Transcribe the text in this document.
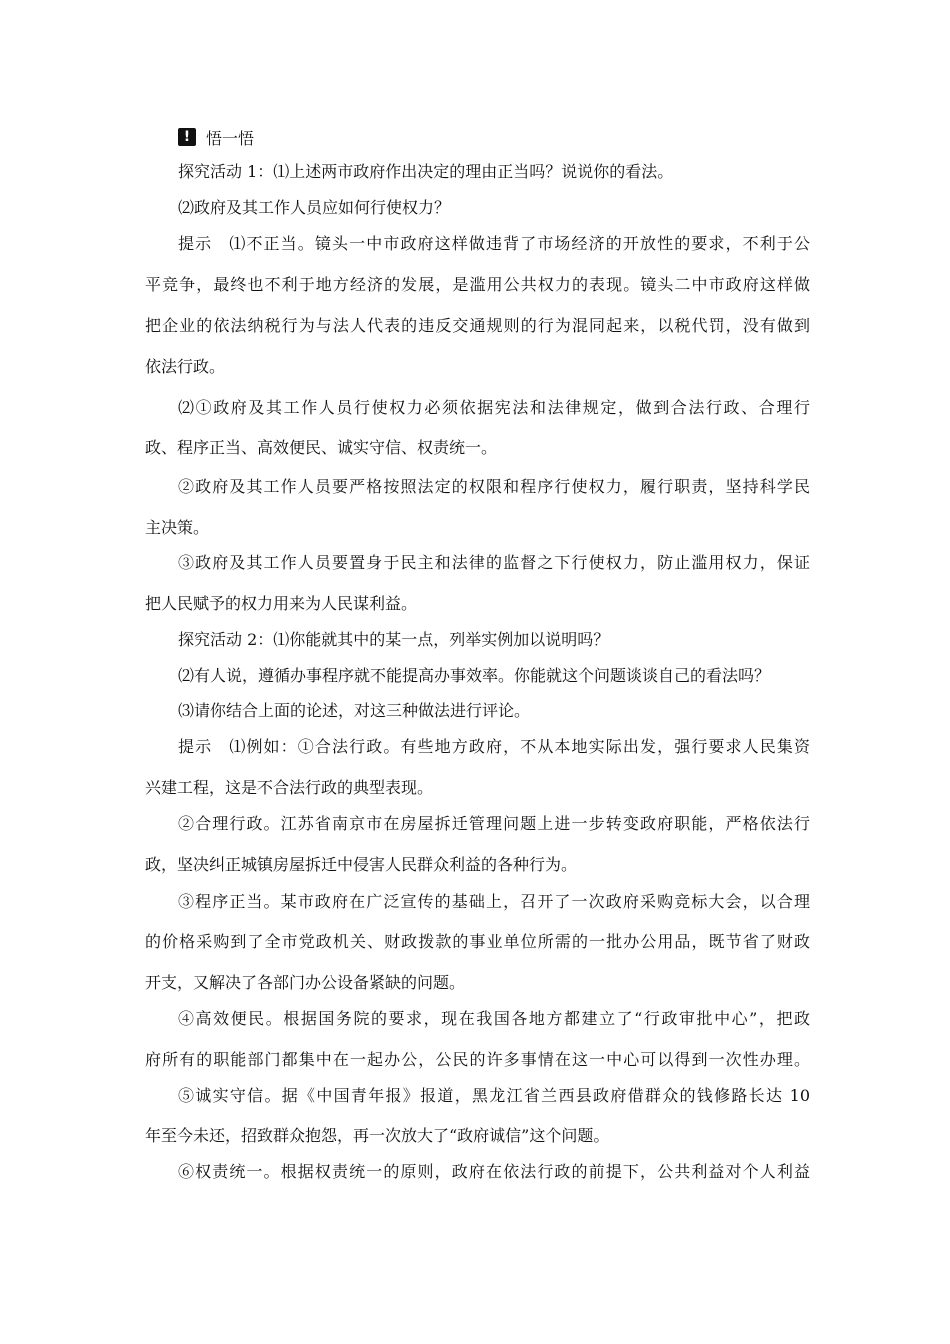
! 悟一悟
探究活动 1：⑴上述两市政府作出决定的理由正当吗？说说你的看法。
⑵政府及其工作人员应如何行使权力？
提示　⑴不正当。镜头一中市政府这样做违背了市场经济的开放性的要求，不利于公
平竞争，最终也不利于地方经济的发展，是滥用公共权力的表现。镜头二中市政府这样做
把企业的依法纳税行为与法人代表的违反交通规则的行为混同起来，以税代罚，没有做到
依法行政。
⑵①政府及其工作人员行使权力必须依据宪法和法律规定，做到合法行政、合理行
政、程序正当、高效便民、诚实守信、权责统一。
②政府及其工作人员要严格按照法定的权限和程序行使权力，履行职责，坚持科学民
主决策。
③政府及其工作人员要置身于民主和法律的监督之下行使权力，防止滥用权力，保证
把人民赋予的权力用来为人民谋利益。
探究活动 2：⑴你能就其中的某一点，列举实例加以说明吗？
⑵有人说，遵循办事程序就不能提高办事效率。你能就这个问题谈谈自己的看法吗？
⑶请你结合上面的论述，对这三种做法进行评论。
提示　⑴例如：①合法行政。有些地方政府，不从本地实际出发，强行要求人民集资
兴建工程，这是不合法行政的典型表现。
②合理行政。江苏省南京市在房屋拆迁管理问题上进一步转变政府职能，严格依法行
政，坚决纠正城镇房屋拆迁中侵害人民群众利益的各种行为。
③程序正当。某市政府在广泛宣传的基础上，召开了一次政府采购竞标大会，以合理
的价格采购到了全市党政机关、财政拨款的事业单位所需的一批办公用品，既节省了财政
开支，又解决了各部门办公设备紧缺的问题。
④高效便民。根据国务院的要求，现在我国各地方都建立了“行政审批中心”，把政
府所有的职能部门都集中在一起办公，公民的许多事情在这一中心可以得到一次性办理。
⑤诚实守信。据《中国青年报》报道，黑龙江省兰西县政府借群众的钱修路长达 10
年至今未还，招致群众抱怨，再一次放大了“政府诚信”这个问题。
⑥权责统一。根据权责统一的原则，政府在依法行政的前提下，公共利益对个人利益
